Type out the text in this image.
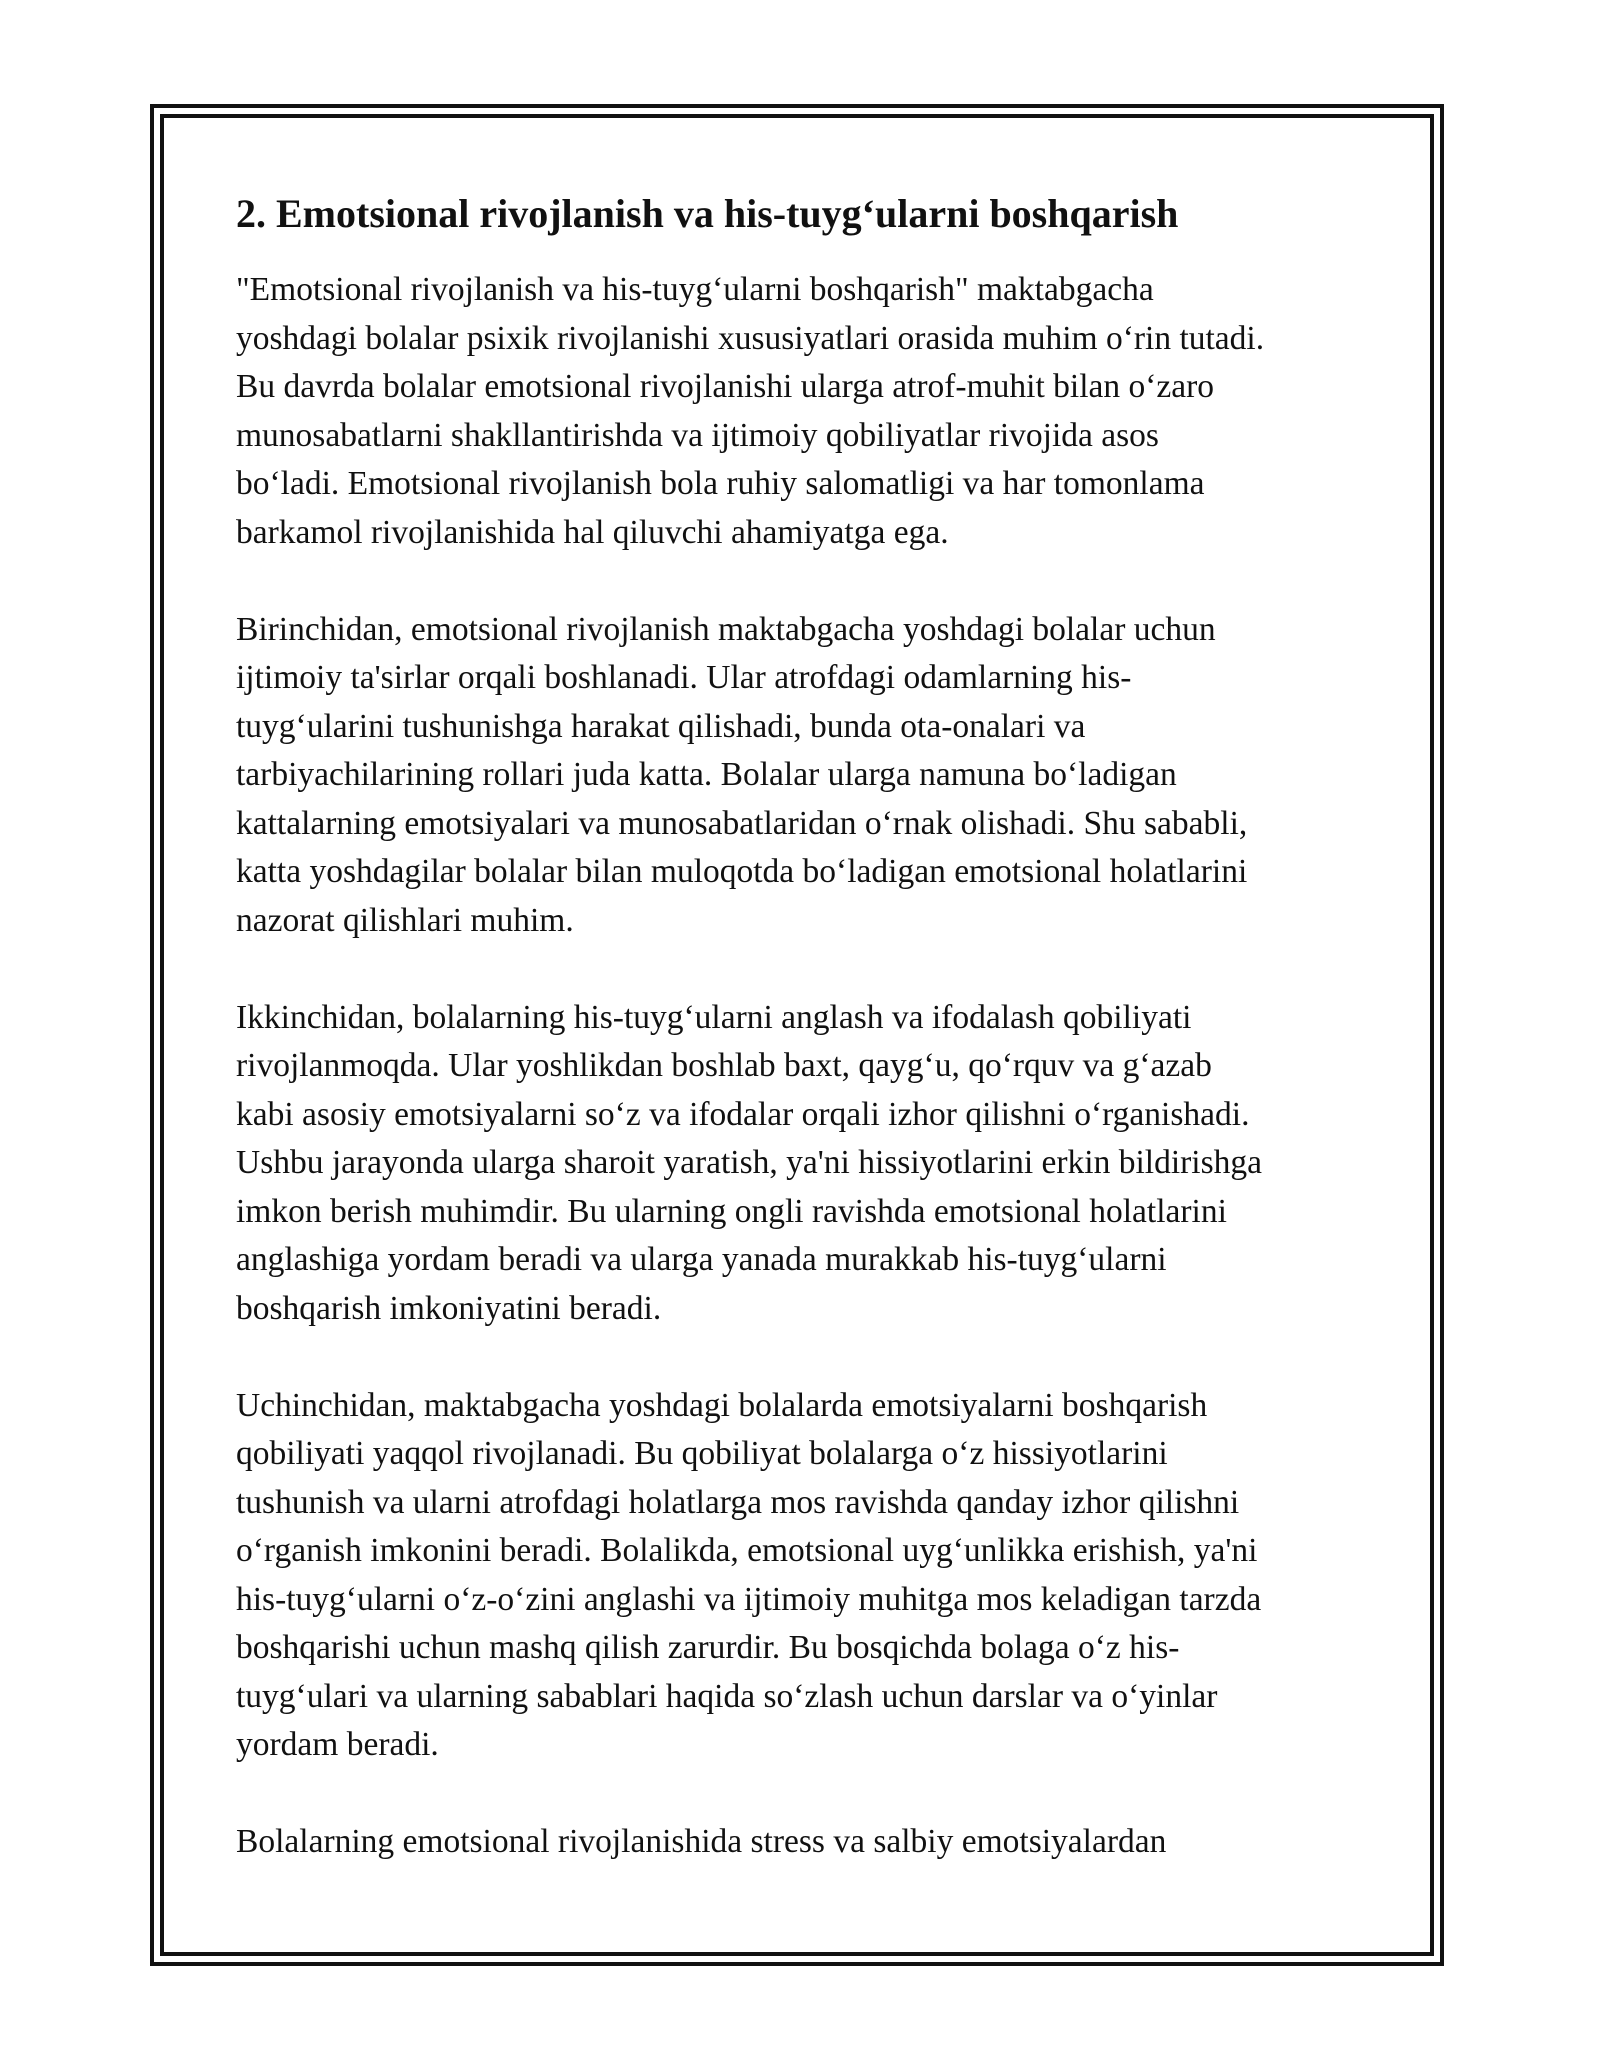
2. Emotsional rivojlanish va his-tuyg‘ularni boshqarish

"Emotsional rivojlanish va his-tuyg‘ularni boshqarish" maktabgacha
yoshdagi bolalar psixik rivojlanishi xususiyatlari orasida muhim o‘rin tutadi.
Bu davrda bolalar emotsional rivojlanishi ularga atrof-muhit bilan o‘zaro
munosabatlarni shakllantirishda va ijtimoiy qobiliyatlar rivojida asos
bo‘ladi. Emotsional rivojlanish bola ruhiy salomatligi va har tomonlama
barkamol rivojlanishida hal qiluvchi ahamiyatga ega.

Birinchidan, emotsional rivojlanish maktabgacha yoshdagi bolalar uchun
ijtimoiy ta'sirlar orqali boshlanadi. Ular atrofdagi odamlarning his-
tuyg‘ularini tushunishga harakat qilishadi, bunda ota-onalari va
tarbiyachilarining rollari juda katta. Bolalar ularga namuna bo‘ladigan
kattalarning emotsiyalari va munosabatlaridan o‘rnak olishadi. Shu sababli,
katta yoshdagilar bolalar bilan muloqotda bo‘ladigan emotsional holatlarini
nazorat qilishlari muhim.

Ikkinchidan, bolalarning his-tuyg‘ularni anglash va ifodalash qobiliyati
rivojlanmoqda. Ular yoshlikdan boshlab baxt, qayg‘u, qo‘rquv va g‘azab
kabi asosiy emotsiyalarni so‘z va ifodalar orqali izhor qilishni o‘rganishadi.
Ushbu jarayonda ularga sharoit yaratish, ya'ni hissiyotlarini erkin bildirishga
imkon berish muhimdir. Bu ularning ongli ravishda emotsional holatlarini
anglashiga yordam beradi va ularga yanada murakkab his-tuyg‘ularni
boshqarish imkoniyatini beradi.

Uchinchidan, maktabgacha yoshdagi bolalarda emotsiyalarni boshqarish
qobiliyati yaqqol rivojlanadi. Bu qobiliyat bolalarga o‘z hissiyotlarini
tushunish va ularni atrofdagi holatlarga mos ravishda qanday izhor qilishni
o‘rganish imkonini beradi. Bolalikda, emotsional uyg‘unlikka erishish, ya'ni
his-tuyg‘ularni o‘z-o‘zini anglashi va ijtimoiy muhitga mos keladigan tarzda
boshqarishi uchun mashq qilish zarurdir. Bu bosqichda bolaga o‘z his-
tuyg‘ulari va ularning sabablari haqida so‘zlash uchun darslar va o‘yinlar
yordam beradi.

Bolalarning emotsional rivojlanishida stress va salbiy emotsiyalardan
